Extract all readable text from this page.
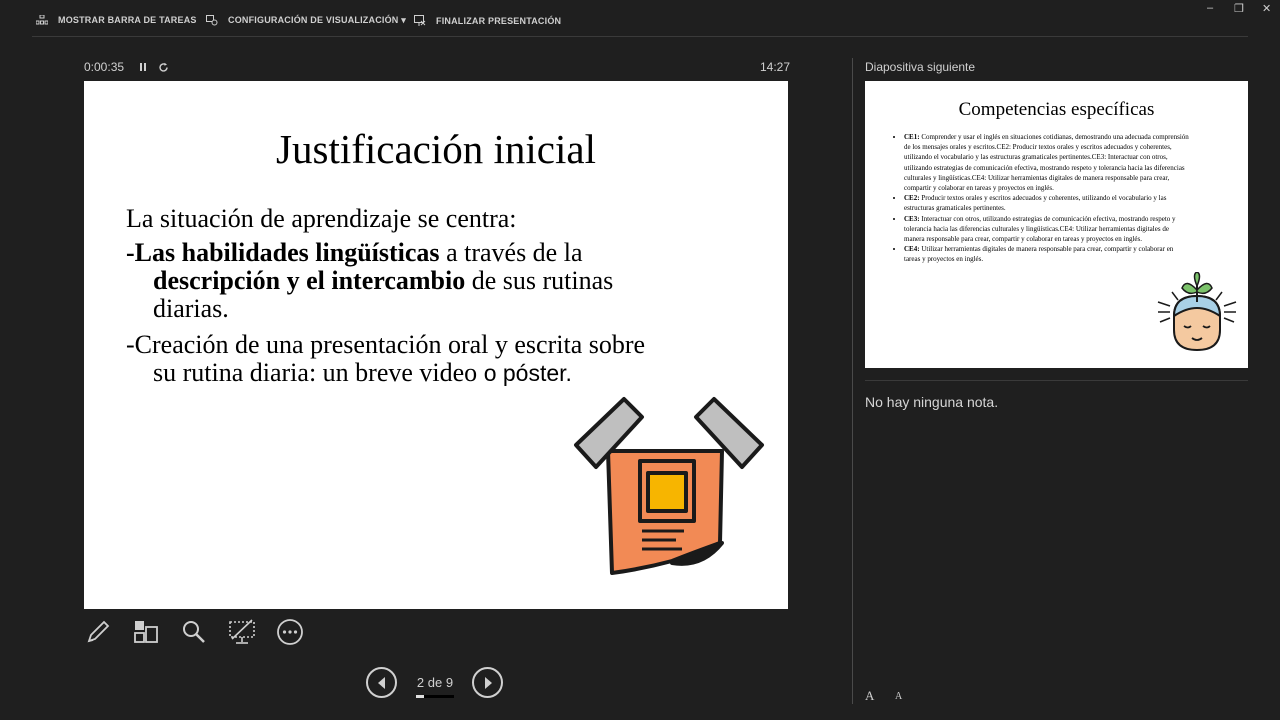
MOSTRAR BARRA DE TAREAS	CONFIGURACIÓN DE VISUALIZACIÓN ▾	FINALIZAR PRESENTACIÓN
– ❐ ✕
0:00:35	14:27
Justificación inicial

La situación de aprendizaje se centra:

-Las habilidades lingüísticas a través de la descripción y el intercambio de sus rutinas diarias.

-Creación de una presentación oral y escrita sobre su rutina diaria: un breve video o póster.

Diapositiva siguiente
Competencias específicas
• CE1: Comprender y usar el inglés en situaciones cotidianas, demostrando una adecuada comprensión de los mensajes orales y escritos.CE2: Producir textos orales y escritos adecuados y coherentes, utilizando el vocabulario y las estructuras gramaticales pertinentes.CE3: Interactuar con otros, utilizando estrategias de comunicación efectiva, mostrando respeto y tolerancia hacia las diferencias culturales y lingüísticas.CE4: Utilizar herramientas digitales de manera responsable para crear, compartir y colaborar en tareas y proyectos en inglés.
• CE2: Producir textos orales y escritos adecuados y coherentes, utilizando el vocabulario y las estructuras gramaticales pertinentes.
• CE3: Interactuar con otros, utilizando estrategias de comunicación efectiva, mostrando respeto y tolerancia hacia las diferencias culturales y lingüísticas.CE4: Utilizar herramientas digitales de manera responsable para crear, compartir y colaborar en tareas y proyectos en inglés.
• CE4: Utilizar herramientas digitales de manera responsable para crear, compartir y colaborar en tareas y proyectos en inglés.
No hay ninguna nota.
2 de 9
A A
